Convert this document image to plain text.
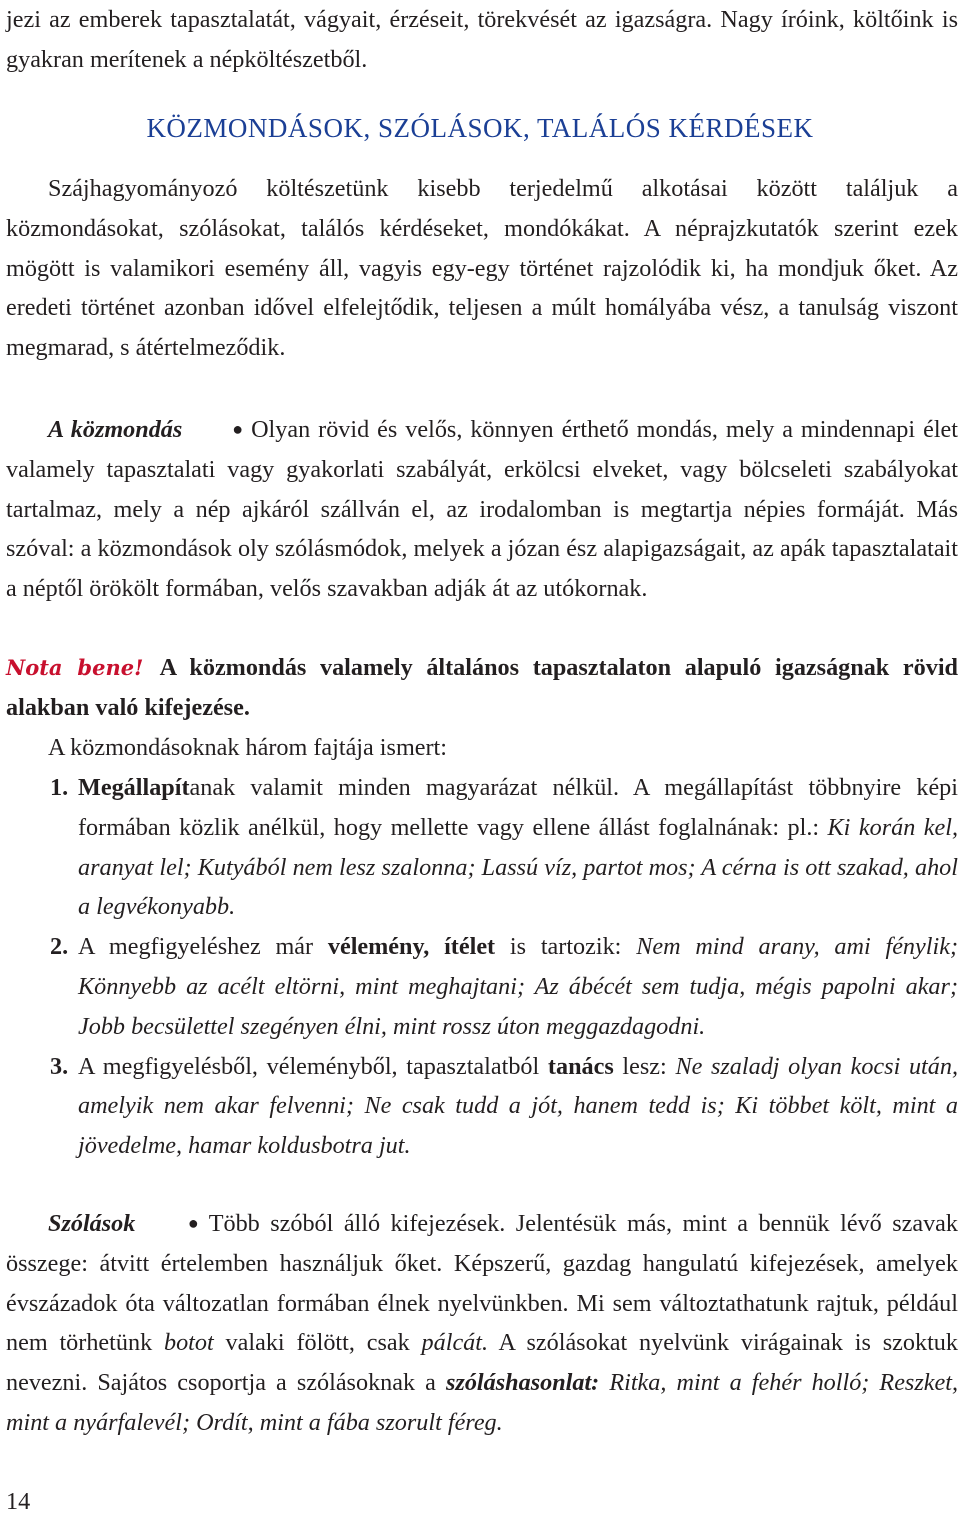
jezi az emberek tapasztalatát, vágyait, érzéseit, törekvését az igazságra. Nagy íróink, költőink is gyakran merítenek a népköltészetből.

KÖZMONDÁSOK, SZÓLÁSOK, TALÁLÓS KÉRDÉSEK

Szájhagyományozó költészetünk kisebb terjedelmű alkotásai között találjuk a közmondásokat, szólásokat, találós kérdéseket, mondókákat. A néprajzkutatók szerint ezek mögött is valamikori esemény áll, vagyis egy-egy történet rajzolódik ki, ha mondjuk őket. Az eredeti történet azonban idővel elfelejtődik, teljesen a múlt homályába vész, a tanulság viszont megmarad, s átértelmeződik.

A közmondás	● Olyan rövid és velős, könnyen érthető mondás, mely a mindennapi élet valamely tapasztalati vagy gyakorlati szabályát, erkölcsi elveket, vagy bölcseleti szabályokat tartalmaz, mely a nép ajkáról szállván el, az irodalomban is megtartja népies formáját. Más szóval: a közmondások oly szólásmódok, melyek a józan ész alapigazságait, az apák tapasztalatait a néptől örökölt formában, velős szavakban adják át az utókornak.

Nota bene! A közmondás valamely általános tapasztalaton alapuló igazságnak rövid alakban való kifejezése.

A közmondásoknak három fajtája ismert:

1. Megállapítanak valamit minden magyarázat nélkül. A megállapítást többnyire képi formában közlik anélkül, hogy mellette vagy ellene állást foglalnának: pl.: Ki korán kel, aranyat lel; Kutyából nem lesz szalonna; Lassú víz, partot mos; A cérna is ott szakad, ahol a legvékonyabb.
2. A megfigyeléshez már vélemény, ítélet is tartozik: Nem mind arany, ami fénylik; Könnyebb az acélt eltörni, mint meghajtani; Az ábécét sem tudja, mégis papolni akar; Jobb becsülettel szegényen élni, mint rossz úton meggazdagodni.
3. A megfigyelésből, véleményből, tapasztalatból tanács lesz: Ne szaladj olyan kocsi után, amelyik nem akar felvenni; Ne csak tudd a jót, hanem tedd is; Ki többet költ, mint a jövedelme, hamar koldusbotra jut.

Szólások	● Több szóból álló kifejezések. Jelentésük más, mint a bennük lévő szavak összege: átvitt értelemben használjuk őket. Képszerű, gazdag hangulatú kifejezések, amelyek évszázadok óta változatlan formában élnek nyelvünkben. Mi sem változtathatunk rajtuk, például nem törhetünk botot valaki fölött, csak pálcát. A szólásokat nyelvünk virágainak is szoktuk nevezni. Sajátos csoportja a szólásoknak a szóláshasonlat: Ritka, mint a fehér holló; Reszket, mint a nyárfalevél; Ordít, mint a fába szorult féreg.

14
